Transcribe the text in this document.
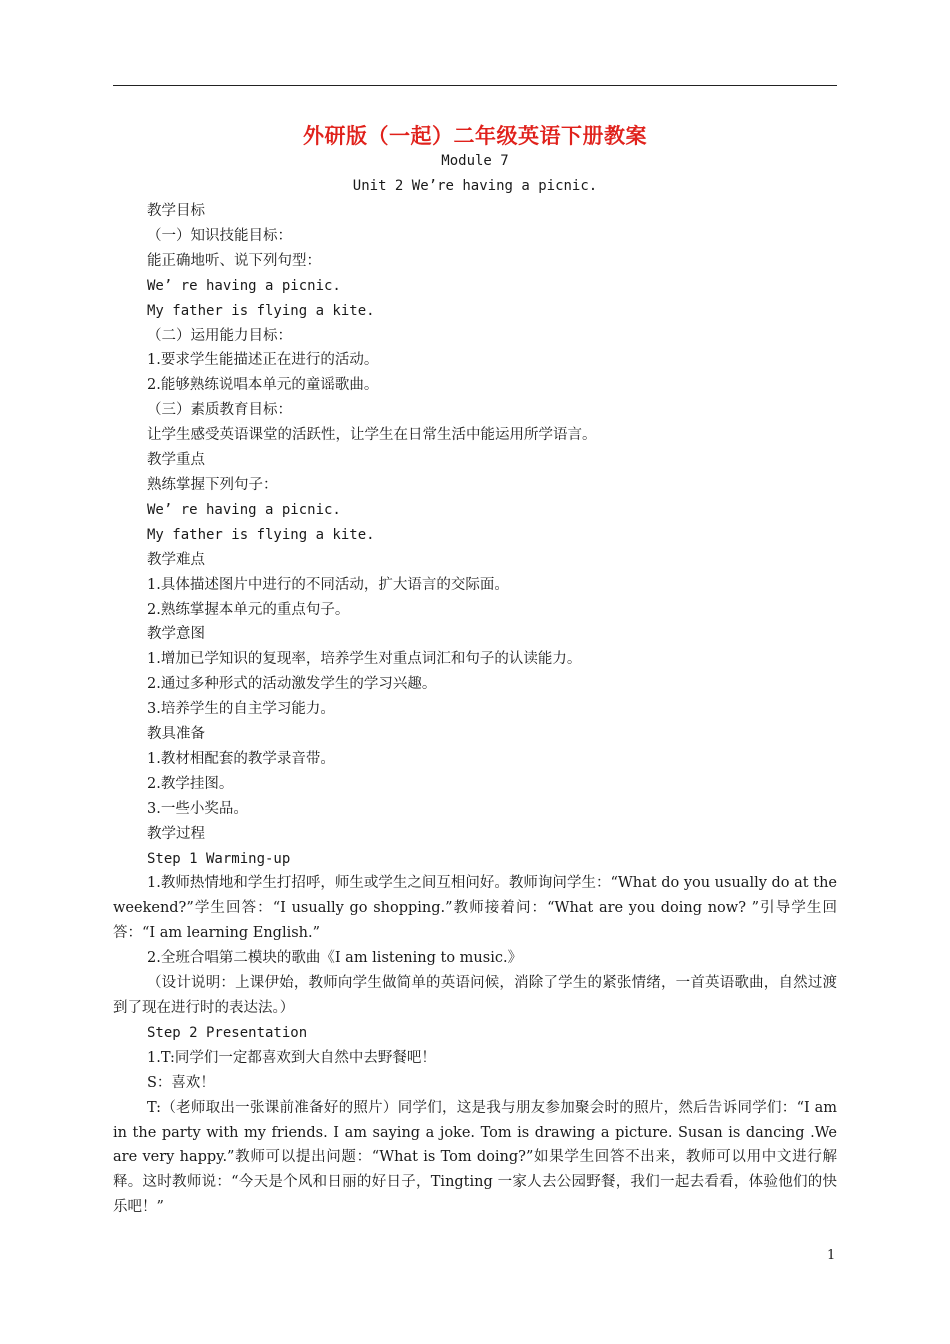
外研版（一起）二年级英语下册教案
Module 7
Unit 2 We’re having a picnic.

教学目标

（一）知识技能目标：

能正确地听、说下列句型：

We’ re having a picnic.

My father is flying a kite.

（二）运用能力目标：

1.要求学生能描述正在进行的活动。

2.能够熟练说唱本单元的童谣歌曲。

（三）素质教育目标：

让学生感受英语课堂的活跃性，让学生在日常生活中能运用所学语言。

教学重点

熟练掌握下列句子：

We’ re having a picnic.

My father is flying a kite.

教学难点

1.具体描述图片中进行的不同活动，扩大语言的交际面。

2.熟练掌握本单元的重点句子。

教学意图

1.增加已学知识的复现率，培养学生对重点词汇和句子的认读能力。

2.通过多种形式的活动激发学生的学习兴趣。

3.培养学生的自主学习能力。

教具准备

1.教材相配套的教学录音带。

2.教学挂图。

3.一些小奖品。

教学过程

Step 1 Warming-up

1.教师热情地和学生打招呼，师生或学生之间互相问好。教师询问学生：“What do you usually do at the weekend?”学生回答：“I usually go shopping.”教师接着问：“What are you doing now? ”引导学生回答：“I am learning English.”

2.全班合唱第二模块的歌曲《I am listening to music.》

（设计说明：上课伊始，教师向学生做简单的英语问候，消除了学生的紧张情绪，一首英语歌曲，自然过渡到了现在进行时的表达法。）

Step 2 Presentation

1.T:同学们一定都喜欢到大自然中去野餐吧！

S：喜欢！

T:（老师取出一张课前准备好的照片）同学们，这是我与朋友参加聚会时的照片，然后告诉同学们：“I am in the party with my friends. I am saying a joke. Tom is drawing a picture. Susan is dancing .We are very happy.”教师可以提出问题：“What is Tom doing?”如果学生回答不出来，教师可以用中文进行解释。这时教师说：“今天是个风和日丽的好日子，Tingting 一家人去公园野餐，我们一起去看看，体验他们的快乐吧！”

1
